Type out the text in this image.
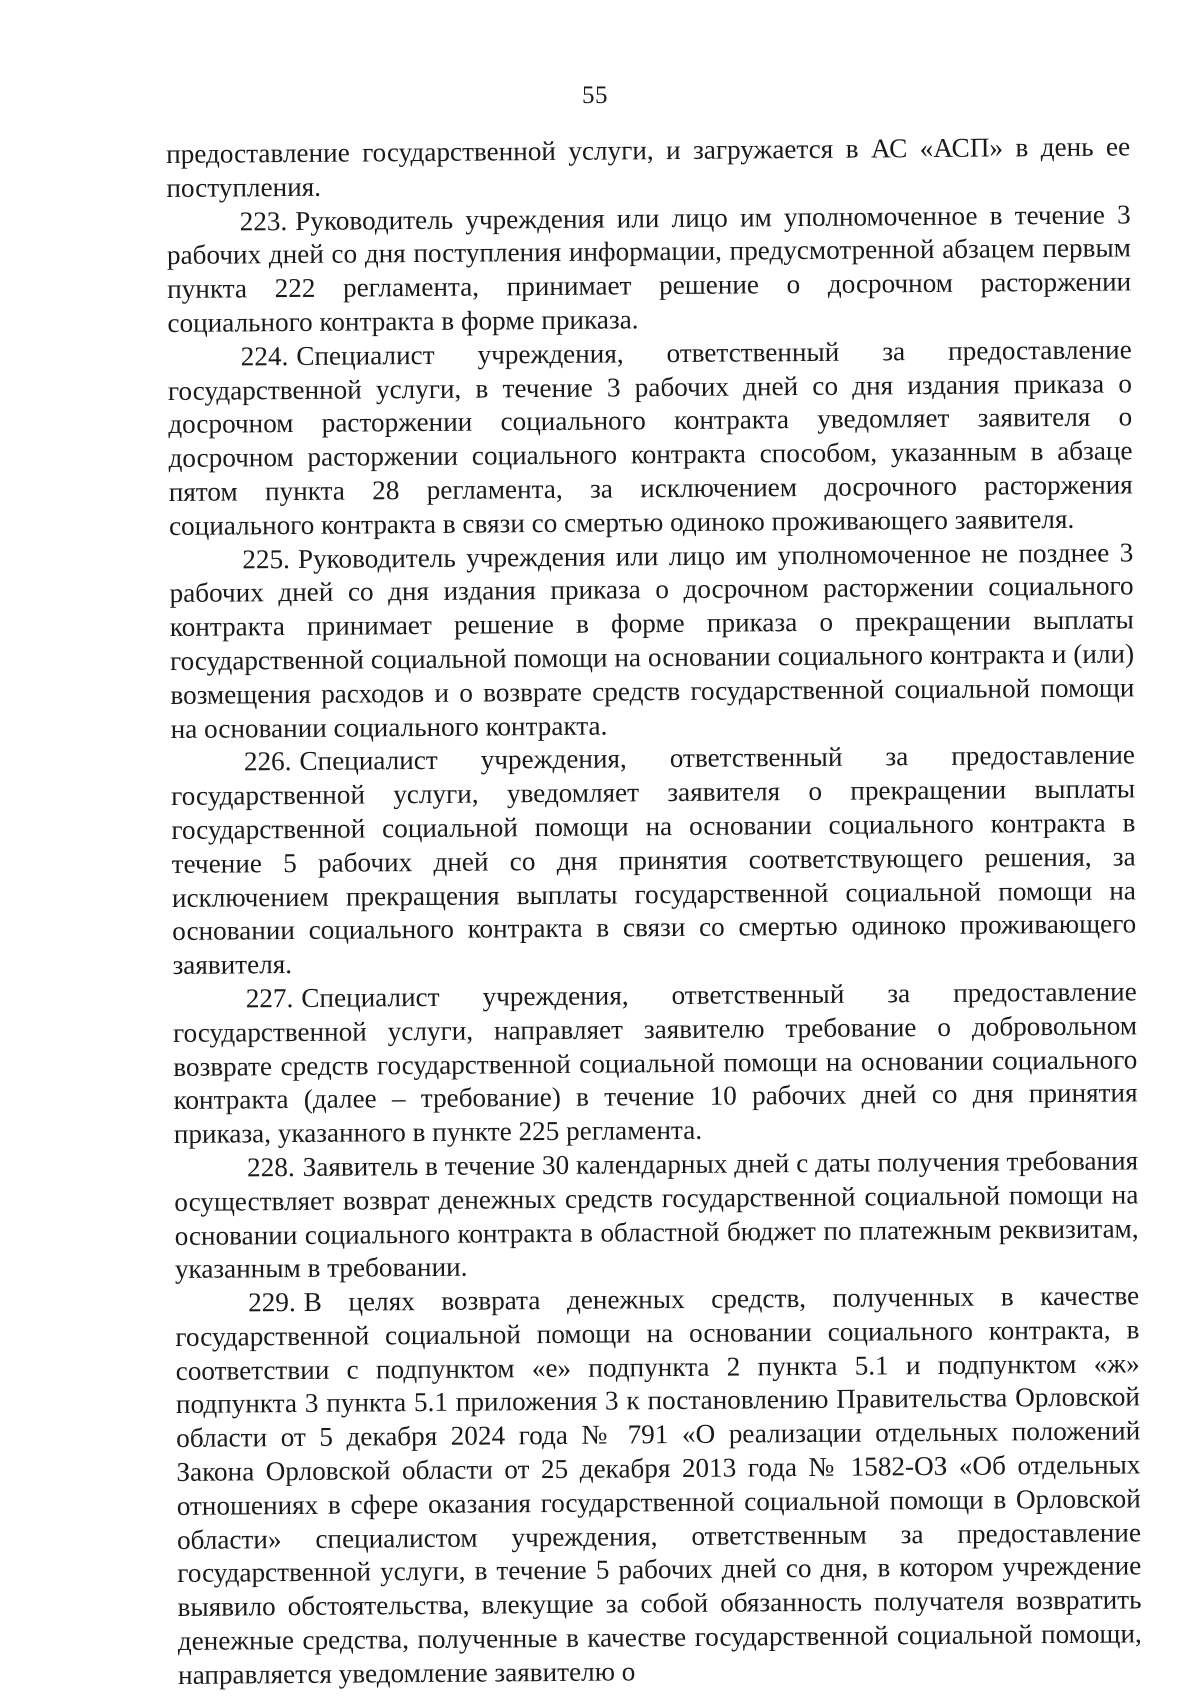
55

предоставление государственной услуги, и загружается в АС «АСП» в день ее поступления.

223. Руководитель учреждения или лицо им уполномоченное в течение 3 рабочих дней со дня поступления информации, предусмотренной абзацем первым пункта 222 регламента, принимает решение о досрочном расторжении социального контракта в форме приказа.

224. Специалист учреждения, ответственный за предоставление государственной услуги, в течение 3 рабочих дней со дня издания приказа о досрочном расторжении социального контракта уведомляет заявителя о досрочном расторжении социального контракта способом, указанным в абзаце пятом пункта 28 регламента, за исключением досрочного расторжения социального контракта в связи со смертью одиноко проживающего заявителя.

225. Руководитель учреждения или лицо им уполномоченное не позднее 3 рабочих дней со дня издания приказа о досрочном расторжении социального контракта принимает решение в форме приказа о прекращении выплаты государственной социальной помощи на основании социального контракта и (или) возмещения расходов и о возврате средств государственной социальной помощи на основании социального контракта.

226. Специалист учреждения, ответственный за предоставление государственной услуги, уведомляет заявителя о прекращении выплаты государственной социальной помощи на основании социального контракта в течение 5 рабочих дней со дня принятия соответствующего решения, за исключением прекращения выплаты государственной социальной помощи на основании социального контракта в связи со смертью одиноко проживающего заявителя.

227. Специалист учреждения, ответственный за предоставление государственной услуги, направляет заявителю требование о добровольном возврате средств государственной социальной помощи на основании социального контракта (далее – требование) в течение 10 рабочих дней со дня принятия приказа, указанного в пункте 225 регламента.

228. Заявитель в течение 30 календарных дней с даты получения требования осуществляет возврат денежных средств государственной социальной помощи на основании социального контракта в областной бюджет по платежным реквизитам, указанным в требовании.

229. В целях возврата денежных средств, полученных в качестве государственной социальной помощи на основании социального контракта, в соответствии с подпунктом «е» подпункта 2 пункта 5.1 и подпунктом «ж» подпункта 3 пункта 5.1 приложения 3 к постановлению Правительства Орловской области от 5 декабря 2024 года № 791 «О реализации отдельных положений Закона Орловской области от 25 декабря 2013 года № 1582-ОЗ «Об отдельных отношениях в сфере оказания государственной социальной помощи в Орловской области» специалистом учреждения, ответственным за предоставление государственной услуги, в течение 5 рабочих дней со дня, в котором учреждение выявило обстоятельства, влекущие за собой обязанность получателя возвратить денежные средства, полученные в качестве государственной социальной помощи, направляется уведомление заявителю о
